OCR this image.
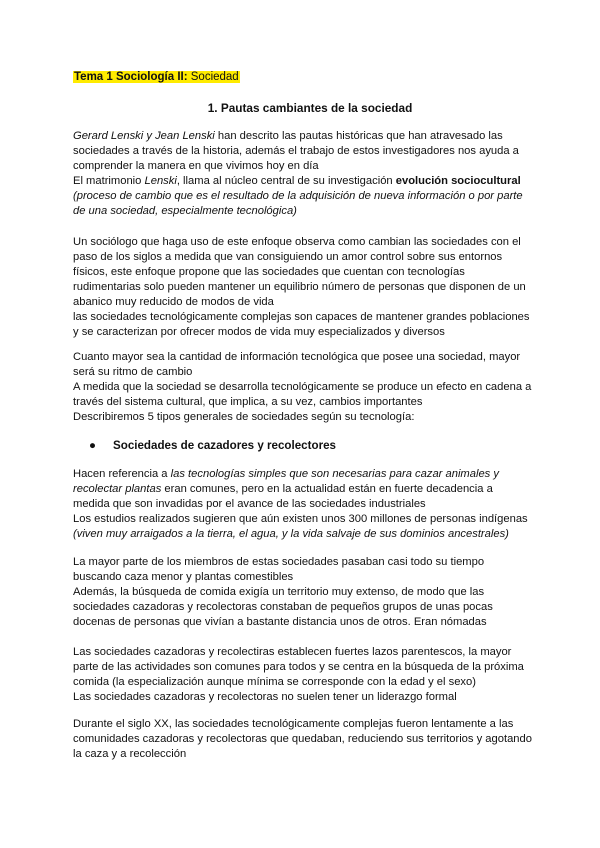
Tema 1 Sociología II: Sociedad
1. Pautas cambiantes de la sociedad

Gerard Lenski y Jean Lenski han descrito las pautas históricas que han atravesado las

sociedades a través de la historia, además el trabajo de estos investigadores nos ayuda a

comprender la manera en que vivimos hoy en día

El matrimonio Lenski, llama al núcleo central de su investigación evolución sociocultural

(proceso de cambio que es el resultado de la adquisición de nueva información o por parte

de una sociedad, especialmente tecnológica)

Un sociólogo que haga uso de este enfoque observa como cambian las sociedades con el

paso de los siglos a medida que van consiguiendo un amor control sobre sus entornos

físicos, este enfoque propone que las sociedades que cuentan con tecnologías

rudimentarias solo pueden mantener un equilibrio número de personas que disponen de un

abanico muy reducido de modos de vida

las sociedades tecnológicamente complejas son capaces de mantener grandes poblaciones

y se caracterizan por ofrecer modos de vida muy especializados y diversos

Cuanto mayor sea la cantidad de información tecnológica que posee una sociedad, mayor

será su ritmo de cambio

A medida que la sociedad se desarrolla tecnológicamente se produce un efecto en cadena a

través del sistema cultural, que implica, a su vez, cambios importantes

Describiremos 5 tipos generales de sociedades según su tecnología:

● Sociedades de cazadores y recolectores

Hacen referencia a las tecnologías simples que son necesarias para cazar animales y

recolectar plantas eran comunes, pero en la actualidad están en fuerte decadencia a

medida que son invadidas por el avance de las sociedades industriales

Los estudios realizados sugieren que aún existen unos 300 millones de personas indígenas

(viven muy arraigados a la tierra, el agua, y la vida salvaje de sus dominios ancestrales)

La mayor parte de los miembros de estas sociedades pasaban casi todo su tiempo

buscando caza menor y plantas comestibles

Además, la búsqueda de comida exigía un territorio muy extenso, de modo que las

sociedades cazadoras y recolectoras constaban de pequeños grupos de unas pocas

docenas de personas que vivían a bastante distancia unos de otros. Eran nómadas

Las sociedades cazadoras y recolectiras establecen fuertes lazos parentescos, la mayor

parte de las actividades son comunes para todos y se centra en la búsqueda de la próxima

comida (la especialización aunque mínima se corresponde con la edad y el sexo)

Las sociedades cazadoras y recolectoras no suelen tener un liderazgo formal

Durante el siglo XX, las sociedades tecnológicamente complejas fueron lentamente a las

comunidades cazadoras y recolectoras que quedaban, reduciendo sus territorios y agotando

la caza y a recolección
